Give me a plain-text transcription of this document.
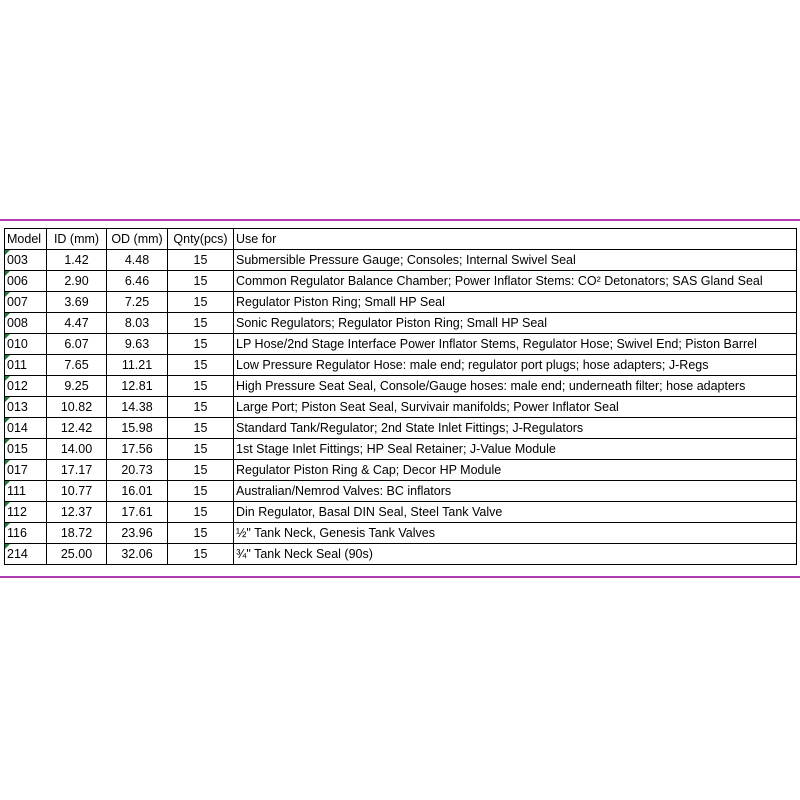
Model	ID (mm)	OD (mm)	Qnty(pcs)	Use for
003	1.42	4.48	15	Submersible Pressure Gauge; Consoles; Internal Swivel Seal
006	2.90	6.46	15	Common Regulator Balance Chamber; Power Inflator Stems: CO² Detonators; SAS Gland Seal
007	3.69	7.25	15	Regulator Piston Ring; Small HP Seal
008	4.47	8.03	15	Sonic Regulators; Regulator Piston Ring; Small HP Seal
010	6.07	9.63	15	LP Hose/2nd Stage Interface Power Inflator Stems, Regulator Hose; Swivel End; Piston Barrel
011	7.65	11.21	15	Low Pressure Regulator Hose: male end; regulator port plugs; hose adapters; J-Regs
012	9.25	12.81	15	High Pressure Seat Seal, Console/Gauge hoses: male end; underneath filter; hose adapters
013	10.82	14.38	15	Large Port; Piston Seat Seal, Survivair manifolds; Power Inflator Seal
014	12.42	15.98	15	Standard Tank/Regulator; 2nd State Inlet Fittings; J-Regulators
015	14.00	17.56	15	1st Stage Inlet Fittings; HP Seal Retainer; J-Value Module
017	17.17	20.73	15	Regulator Piston Ring & Cap; Decor HP Module
111	10.77	16.01	15	Australian/Nemrod Valves: BC inflators
112	12.37	17.61	15	Din Regulator, Basal DIN Seal, Steel Tank Valve
116	18.72	23.96	15	½" Tank Neck, Genesis Tank Valves
214	25.00	32.06	15	¾" Tank Neck Seal (90s)
